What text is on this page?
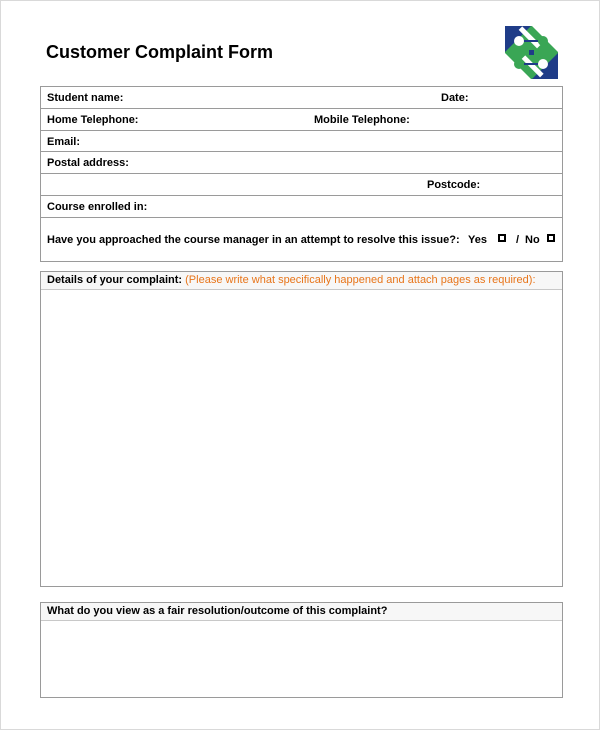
Customer Complaint Form
Student name:	Date:
Home Telephone:	Mobile Telephone:
Email:
Postal address:
Postcode:
Course enrolled in:
Have you approached the course manager in an attempt to resolve this issue?: Yes	/ No
Details of your complaint: (Please write what specifically happened and attach pages as required):
What do you view as a fair resolution/outcome of this complaint?
